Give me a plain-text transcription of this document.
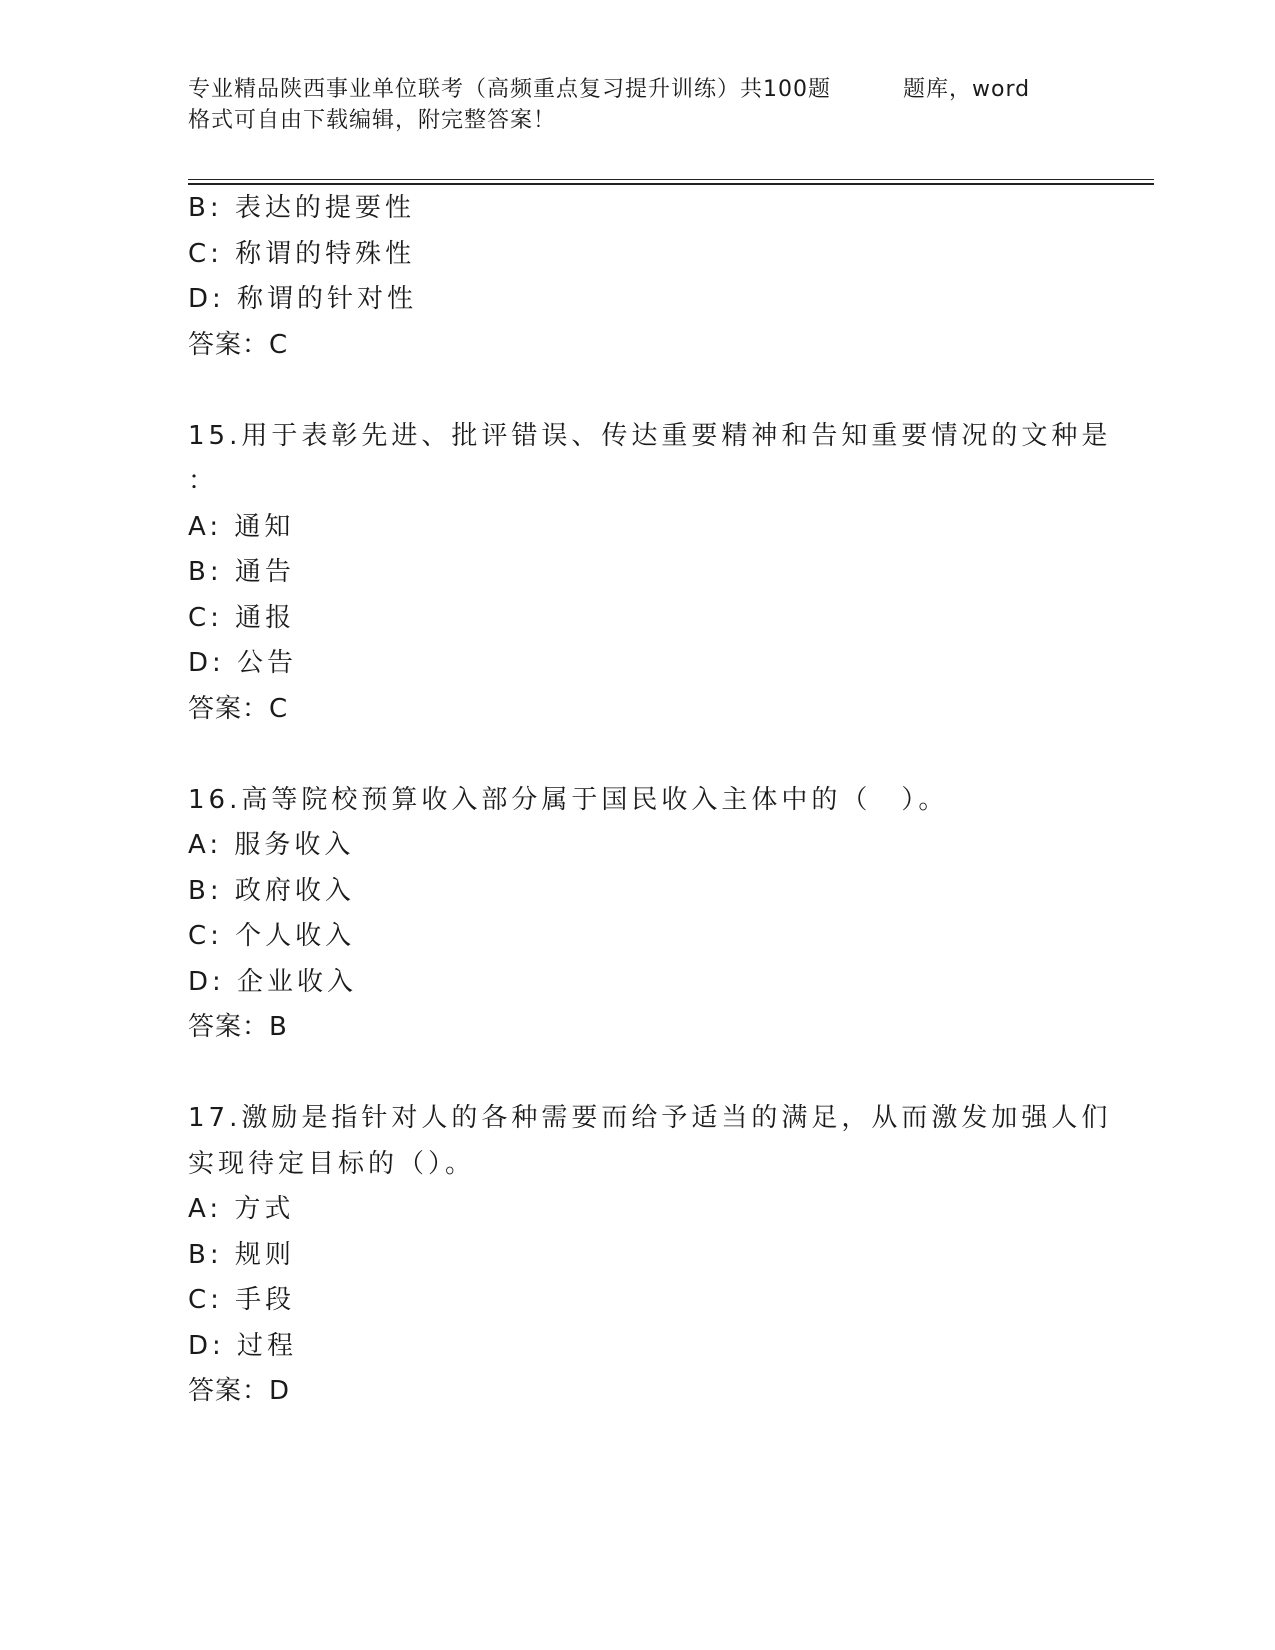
专业精品陕西事业单位联考（高频重点复习提升训练）共100题	题库，word
格式可自由下载编辑，附完整答案！
B: 表达的提要性
C: 称谓的特殊性
D: 称谓的针对性
答案：C
15.用于表彰先进、批评错误、传达重要精神和告知重要情况的文种是
：
A: 通知
B: 通告
C: 通报
D: 公告
答案：C
16.高等院校预算收入部分属于国民收入主体中的（　）。
A: 服务收入
B: 政府收入
C: 个人收入
D: 企业收入
答案：B
17.激励是指针对人的各种需要而给予适当的满足，从而激发加强人们
实现待定目标的（）。
A: 方式
B: 规则
C: 手段
D: 过程
答案：D
